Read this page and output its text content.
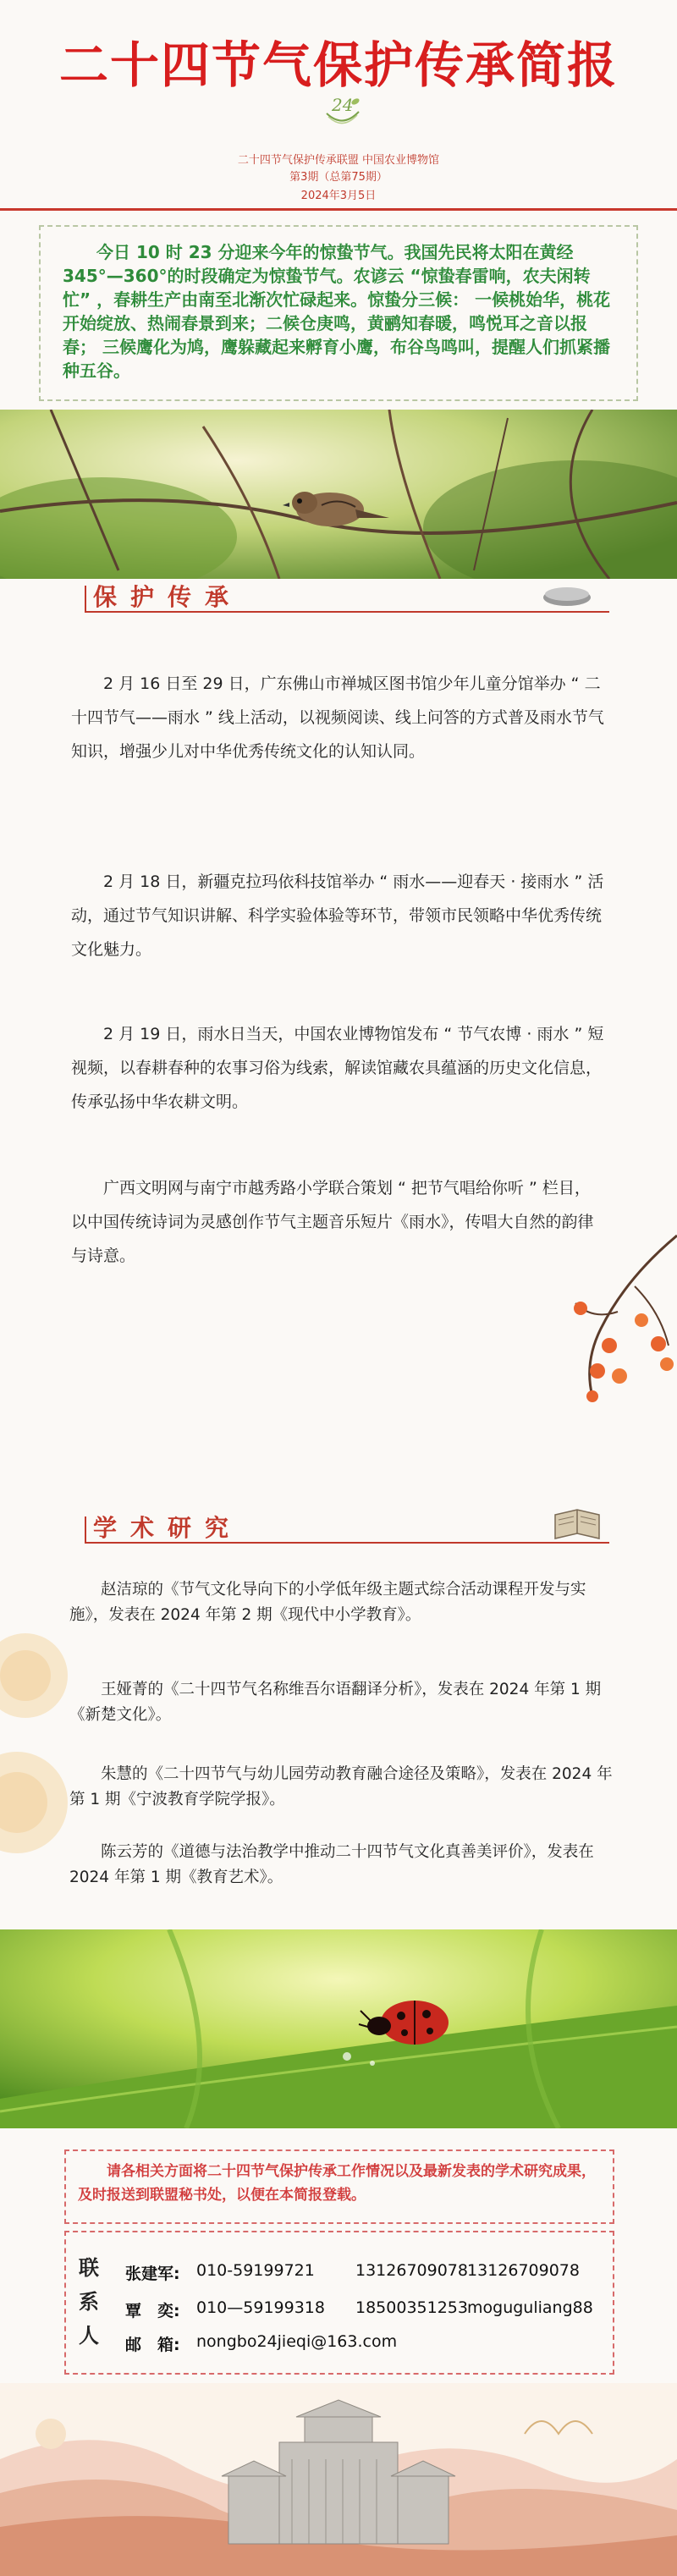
二十四节气保护传承简报
24
二十四节气保护传承联盟 中国农业博物馆
第3期（总第75期）
2024年3月5日

今日 10 时 23 分迎来今年的惊蛰节气。我国先民将太阳在黄经 345°—360°的时段确定为惊蛰节气。农谚云 “惊蛰春雷响，农夫闲转忙” ，春耕生产由南至北渐次忙碌起来。惊蛰分三候： 一候桃始华，桃花开始绽放、热闹春景到来；二候仓庚鸣，黄鹂知春暖，鸣悦耳之音以报春； 三候鹰化为鸠，鹰躲藏起来孵育小鹰，布谷鸟鸣叫，提醒人们抓紧播种五谷。

保护传承

2 月 16 日至 29 日，广东佛山市禅城区图书馆少年儿童分馆举办 “ 二十四节气——雨水 ” 线上活动，以视频阅读、线上问答的方式普及雨水节气知识，增强少儿对中华优秀传统文化的认知认同。

2 月 18 日，新疆克拉玛依科技馆举办 “ 雨水——迎春天 · 接雨水 ” 活动，通过节气知识讲解、科学实验体验等环节，带领市民领略中华优秀传统文化魅力。

2 月 19 日，雨水日当天，中国农业博物馆发布 “ 节气农博 · 雨水 ” 短视频，以春耕春种的农事习俗为线索，解读馆藏农具蕴涵的历史文化信息，传承弘扬中华农耕文明。

广西文明网与南宁市越秀路小学联合策划 “ 把节气唱给你听 ” 栏目，以中国传统诗词为灵感创作节气主题音乐短片《雨水》，传唱大自然的韵律与诗意。

学术研究

赵洁琼的《节气文化导向下的小学低年级主题式综合活动课程开发与实施》，发表在 2024 年第 2 期《现代中小学教育》。

王娅菁的《二十四节气名称维吾尔语翻译分析》，发表在 2024 年第 1 期《新楚文化》。

朱慧的《二十四节气与幼儿园劳动教育融合途径及策略》，发表在 2024 年第 1 期《宁波教育学院学报》。

陈云芳的《道德与法治教学中推动二十四节气文化真善美评价》，发表在 2024 年第 1 期《教育艺术》。

请各相关方面将二十四节气保护传承工作情况以及最新发表的学术研究成果，及时报送到联盟秘书处，以便在本简报登载。

联系人
张建军: 010-59199721	13126709078 13126709078
覃　奕: 010—59199318 18500351253 moguguliang88
邮　箱: nongbo24jieqi@163.com
